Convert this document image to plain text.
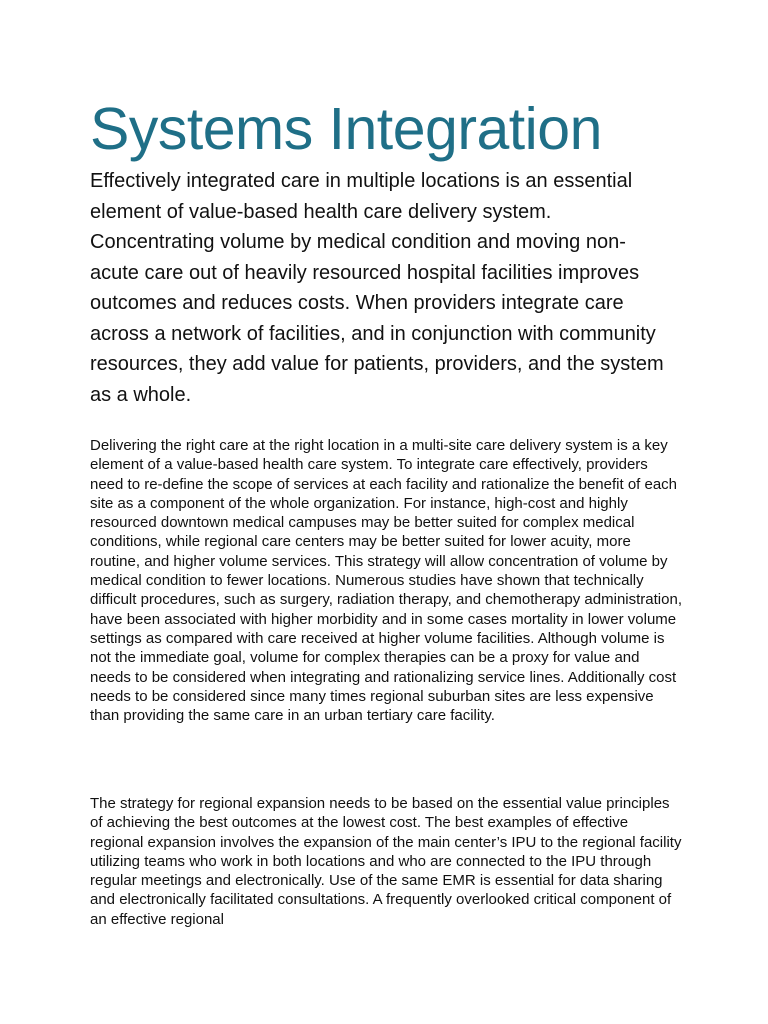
Systems Integration

Effectively integrated care in multiple locations is an essential element of value-based health care delivery system. Concentrating volume by medical condition and moving non-acute care out of heavily resourced hospital facilities improves outcomes and reduces costs. When providers integrate care across a network of facilities, and in conjunction with community resources, they add value for patients, providers, and the system as a whole.

Delivering the right care at the right location in a multi-site care delivery system is a key element of a value-based health care system. To integrate care effectively, providers need to re-define the scope of services at each facility and rationalize the benefit of each site as a component of the whole organization. For instance, high-cost and highly resourced downtown medical campuses may be better suited for complex medical conditions, while regional care centers may be better suited for lower acuity, more routine, and higher volume services. This strategy will allow concentration of volume by medical condition to fewer locations. Numerous studies have shown that technically difficult procedures, such as surgery, radiation therapy, and chemotherapy administration, have been associated with higher morbidity and in some cases mortality in lower volume settings as compared with care received at higher volume facilities. Although volume is not the immediate goal, volume for complex therapies can be a proxy for value and needs to be considered when integrating and rationalizing service lines. Additionally cost needs to be considered since many times regional suburban sites are less expensive than providing the same care in an urban tertiary care facility.

The strategy for regional expansion needs to be based on the essential value principles of achieving the best outcomes at the lowest cost. The best examples of effective regional expansion involves the expansion of the main center’s IPU to the regional facility utilizing teams who work in both locations and who are connected to the IPU through regular meetings and electronically. Use of the same EMR is essential for data sharing and electronically facilitated consultations. A frequently overlooked critical component of an effective regional
